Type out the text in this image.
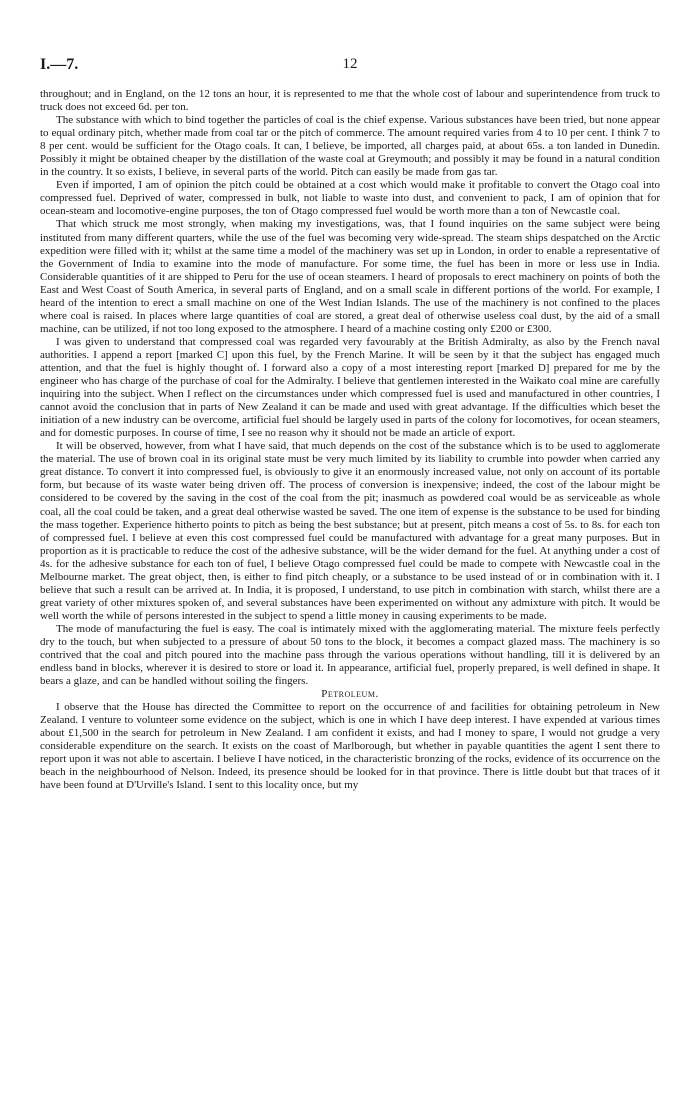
I.—7.	12

throughout; and in England, on the 12 tons an hour, it is represented to me that the whole cost of labour and superintendence from truck to truck does not exceed 6d. per ton.

The substance with which to bind together the particles of coal is the chief expense. Various substances have been tried, but none appear to equal ordinary pitch, whether made from coal tar or the pitch of commerce. The amount required varies from 4 to 10 per cent. I think 7 to 8 per cent. would be sufficient for the Otago coals. It can, I believe, be imported, all charges paid, at about 65s. a ton landed in Dunedin. Possibly it might be obtained cheaper by the distillation of the waste coal at Greymouth; and possibly it may be found in a natural condition in the country. It so exists, I believe, in several parts of the world. Pitch can easily be made from gas tar.

Even if imported, I am of opinion the pitch could be obtained at a cost which would make it profitable to convert the Otago coal into compressed fuel. Deprived of water, compressed in bulk, not liable to waste into dust, and convenient to pack, I am of opinion that for ocean-steam and locomotive-engine purposes, the ton of Otago compressed fuel would be worth more than a ton of Newcastle coal.

That which struck me most strongly, when making my investigations, was, that I found inquiries on the same subject were being instituted from many different quarters, while the use of the fuel was becoming very wide-spread. The steam ships despatched on the Arctic expedition were filled with it; whilst at the same time a model of the machinery was set up in London, in order to enable a representative of the Government of India to examine into the mode of manufacture. For some time, the fuel has been in more or less use in India. Considerable quantities of it are shipped to Peru for the use of ocean steamers. I heard of proposals to erect machinery on points of both the East and West Coast of South America, in several parts of England, and on a small scale in different portions of the world. For example, I heard of the intention to erect a small machine on one of the West Indian Islands. The use of the machinery is not confined to the places where coal is raised. In places where large quantities of coal are stored, a great deal of otherwise useless coal dust, by the aid of a small machine, can be utilized, if not too long exposed to the atmosphere. I heard of a machine costing only £200 or £300.

I was given to understand that compressed coal was regarded very favourably at the British Admiralty, as also by the French naval authorities. I append a report [marked C] upon this fuel, by the French Marine. It will be seen by it that the subject has engaged much attention, and that the fuel is highly thought of. I forward also a copy of a most interesting report [marked D] prepared for me by the engineer who has charge of the purchase of coal for the Admiralty. I believe that gentlemen interested in the Waikato coal mine are carefully inquiring into the subject. When I reflect on the circumstances under which compressed fuel is used and manufactured in other countries, I cannot avoid the conclusion that in parts of New Zealand it can be made and used with great advantage. If the difficulties which beset the initiation of a new industry can be overcome, artificial fuel should be largely used in parts of the colony for locomotives, for ocean steamers, and for domestic purposes. In course of time, I see no reason why it should not be made an article of export.

It will be observed, however, from what I have said, that much depends on the cost of the substance which is to be used to agglomerate the material. The use of brown coal in its original state must be very much limited by its liability to crumble into powder when carried any great distance. To convert it into compressed fuel, is obviously to give it an enormously increased value, not only on account of its portable form, but because of its waste water being driven off. The process of conversion is inexpensive; indeed, the cost of the labour might be considered to be covered by the saving in the cost of the coal from the pit; inasmuch as powdered coal would be as serviceable as whole coal, all the coal could be taken, and a great deal otherwise wasted be saved. The one item of expense is the substance to be used for binding the mass together. Experience hitherto points to pitch as being the best substance; but at present, pitch means a cost of 5s. to 8s. for each ton of compressed fuel. I believe at even this cost compressed fuel could be manufactured with advantage for a great many purposes. But in proportion as it is practicable to reduce the cost of the adhesive substance, will be the wider demand for the fuel. At anything under a cost of 4s. for the adhesive substance for each ton of fuel, I believe Otago compressed fuel could be made to compete with Newcastle coal in the Melbourne market. The great object, then, is either to find pitch cheaply, or a substance to be used instead of or in combination with it. I believe that such a result can be arrived at. In India, it is proposed, I understand, to use pitch in combination with starch, whilst there are a great variety of other mixtures spoken of, and several substances have been experimented on without any admixture with pitch. It would be well worth the while of persons interested in the subject to spend a little money in causing experiments to be made.

The mode of manufacturing the fuel is easy. The coal is intimately mixed with the agglomerating material. The mixture feels perfectly dry to the touch, but when subjected to a pressure of about 50 tons to the block, it becomes a compact glazed mass. The machinery is so contrived that the coal and pitch poured into the machine pass through the various operations without handling, till it is delivered by an endless band in blocks, wherever it is desired to store or load it. In appearance, artificial fuel, properly prepared, is well defined in shape. It bears a glaze, and can be handled without soiling the fingers.

Petroleum.

I observe that the House has directed the Committee to report on the occurrence of and facilities for obtaining petroleum in New Zealand. I venture to volunteer some evidence on the subject, which is one in which I have deep interest. I have expended at various times about £1,500 in the search for petroleum in New Zealand. I am confident it exists, and had I money to spare, I would not grudge a very considerable expenditure on the search. It exists on the coast of Marlborough, but whether in payable quantities the agent I sent there to report upon it was not able to ascertain. I believe I have noticed, in the characteristic bronzing of the rocks, evidence of its occurrence on the beach in the neighbourhood of Nelson. Indeed, its presence should be looked for in that province. There is little doubt but that traces of it have been found at D'Urville's Island. I sent to this locality once, but my
